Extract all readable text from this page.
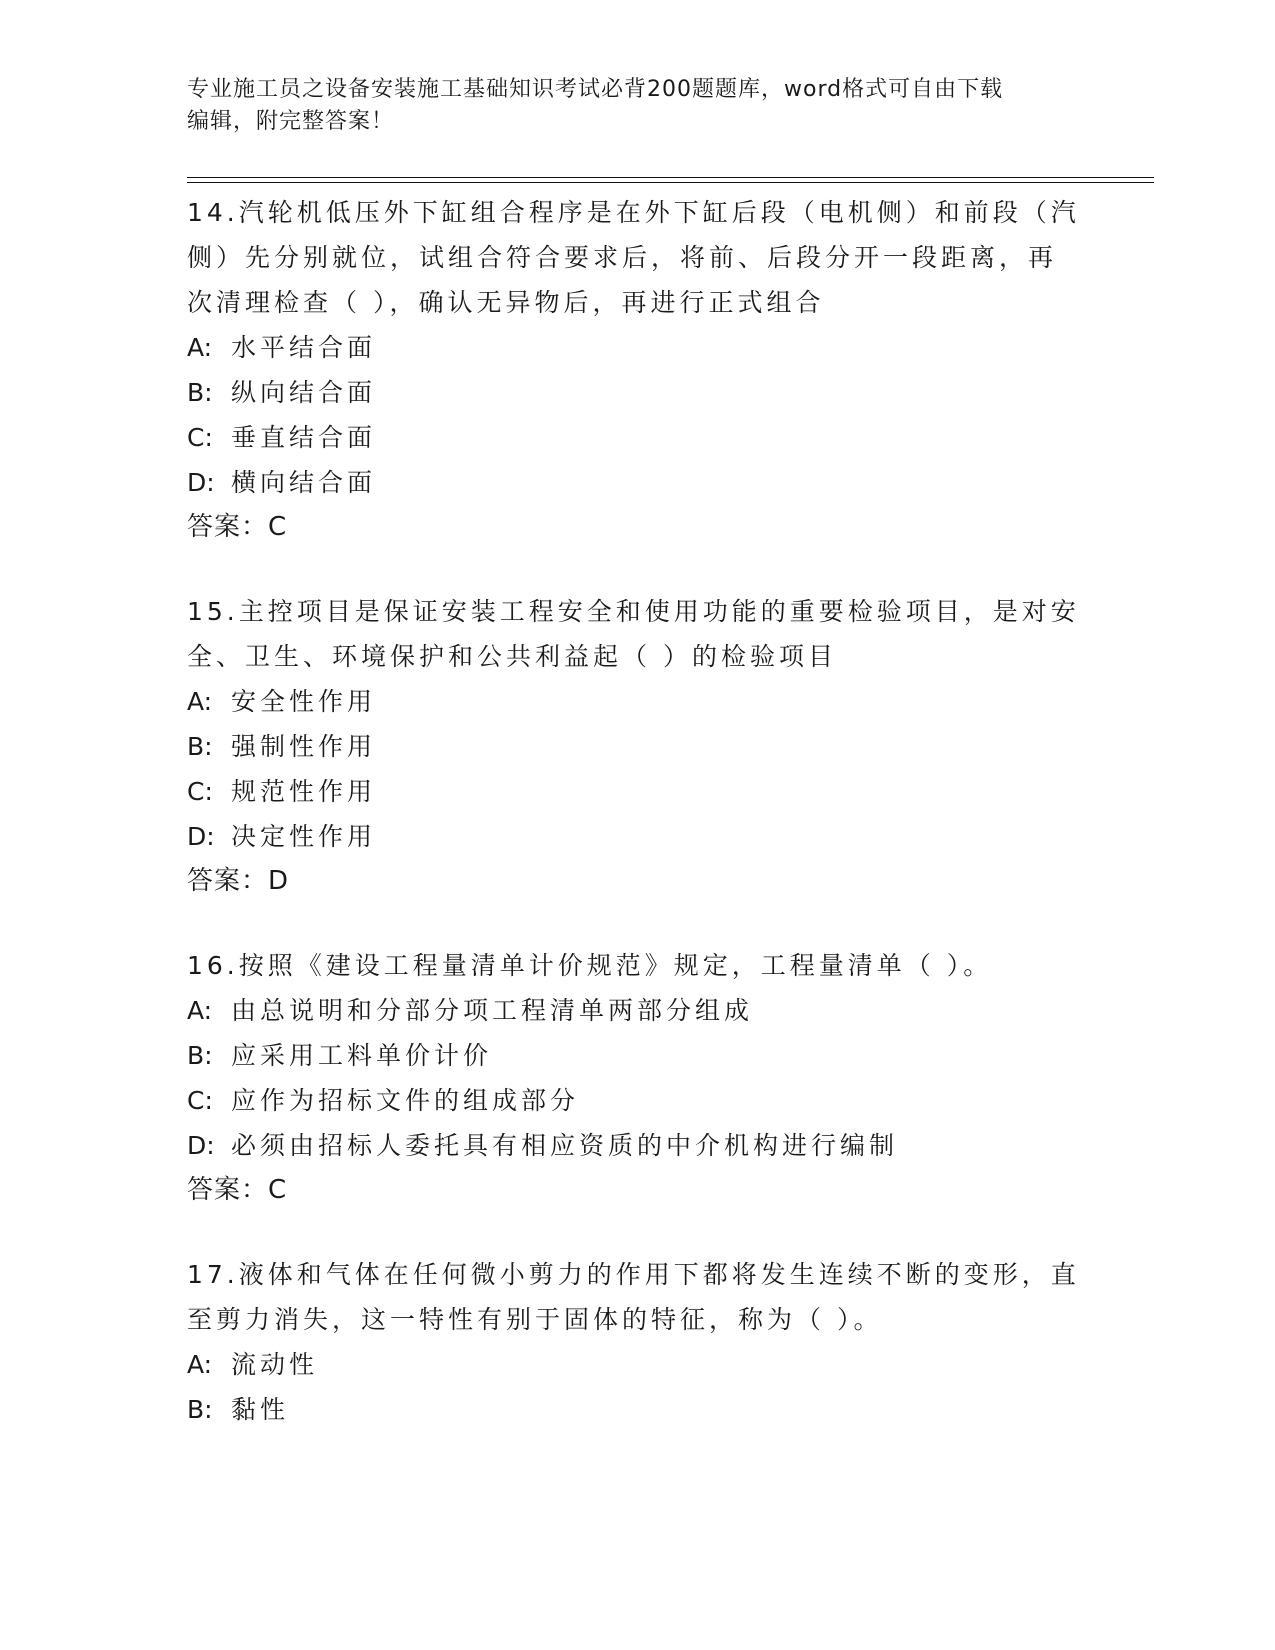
专业施工员之设备安装施工基础知识考试必背200题题库，word格式可自由下载
编辑，附完整答案！
14.汽轮机低压外下缸组合程序是在外下缸后段（电机侧）和前段（汽
侧）先分别就位，试组合符合要求后，将前、后段分开一段距离，再
次清理检查（ ），确认无异物后，再进行正式组合
A: 水平结合面
B: 纵向结合面
C: 垂直结合面
D: 横向结合面
答案：C
15.主控项目是保证安装工程安全和使用功能的重要检验项目，是对安
全、卫生、环境保护和公共利益起（ ）的检验项目
A: 安全性作用
B: 强制性作用
C: 规范性作用
D: 决定性作用
答案：D
16.按照《建设工程量清单计价规范》规定，工程量清单（ ）。
A: 由总说明和分部分项工程清单两部分组成
B: 应采用工料单价计价
C: 应作为招标文件的组成部分
D: 必须由招标人委托具有相应资质的中介机构进行编制
答案：C
17.液体和气体在任何微小剪力的作用下都将发生连续不断的变形，直
至剪力消失，这一特性有别于固体的特征，称为（ ）。
A: 流动性
B: 黏性
